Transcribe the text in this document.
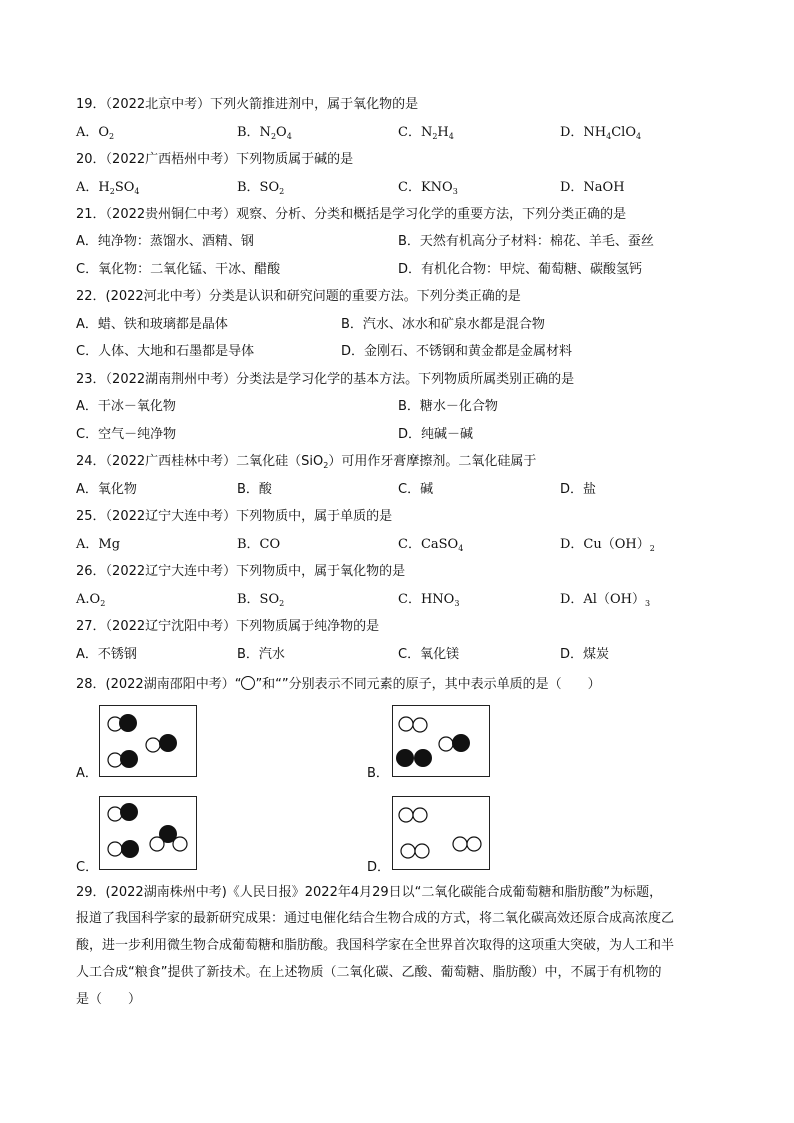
19．（2022北京中考）下列火箭推进剂中，属于氧化物的是
A．$O_2$	B．$N_2O_4$	C．$N_2H_4$	D．$NH_4ClO_4$
20．（2022广西梧州中考）下列物质属于碱的是
A．$H_2SO_4$	B．$SO_2$	C．$KNO_3$	D．NaOH
21．（2022贵州铜仁中考）观察、分析、分类和概括是学习化学的重要方法，下列分类正确的是
A．纯净物：蒸馏水、酒精、钢	B．天然有机高分子材料：棉花、羊毛、蚕丝
C．氧化物：二氧化锰、干冰、醋酸	D．有机化合物：甲烷、葡萄糖、碳酸氢钙
22．(2022河北中考）分类是认识和研究问题的重要方法。下列分类正确的是
A．蜡、铁和玻璃都是晶体	B．汽水、冰水和矿泉水都是混合物
C．人体、大地和石墨都是导体	D．金刚石、不锈钢和黄金都是金属材料
23．（2022湖南荆州中考）分类法是学习化学的基本方法。下列物质所属类别正确的是
A．干冰－氧化物	B．糖水－化合物
C．空气－纯净物	D．纯碱－碱
24．（2022广西桂林中考）二氧化硅（SiO$_2$）可用作牙膏摩擦剂。二氧化硅属于
A．氧化物	B．酸	C．碱	D．盐
25．（2022辽宁大连中考）下列物质中，属于单质的是
A．Mg	B．CO	C．CaSO$_4$	D．$Cu(OH)_2$
26．（2022辽宁大连中考）下列物质中，属于氧化物的是
$A.O_2$	B．$SO_2$	C．$HNO_3$	D．$Al(OH)_3$
27．（2022辽宁沈阳中考）下列物质属于纯净物的是
A．不锈钢	B．汽水	C．氧化镁	D．煤炭
28．(2022湖南邵阳中考）“ ”和“”分别表示不同元素的原子，其中表示单质的是（　　）
A．	B．
C．	D．
29．(2022湖南株州中考)《人民日报》2022年4月29日以“二氧化碳能合成葡萄糖和脂肪酸”为标题，
报道了我国科学家的最新研究成果：通过电催化结合生物合成的方式，将二氧化碳高效还原合成高浓度乙
酸，进一步利用微生物合成葡萄糖和脂肪酸。我国科学家在全世界首次取得的这项重大突破，为人工和半
人工合成“粮食”提供了新技术。在上述物质（二氧化碳、乙酸、葡萄糖、脂肪酸）中，不属于有机物的
是（　　）
